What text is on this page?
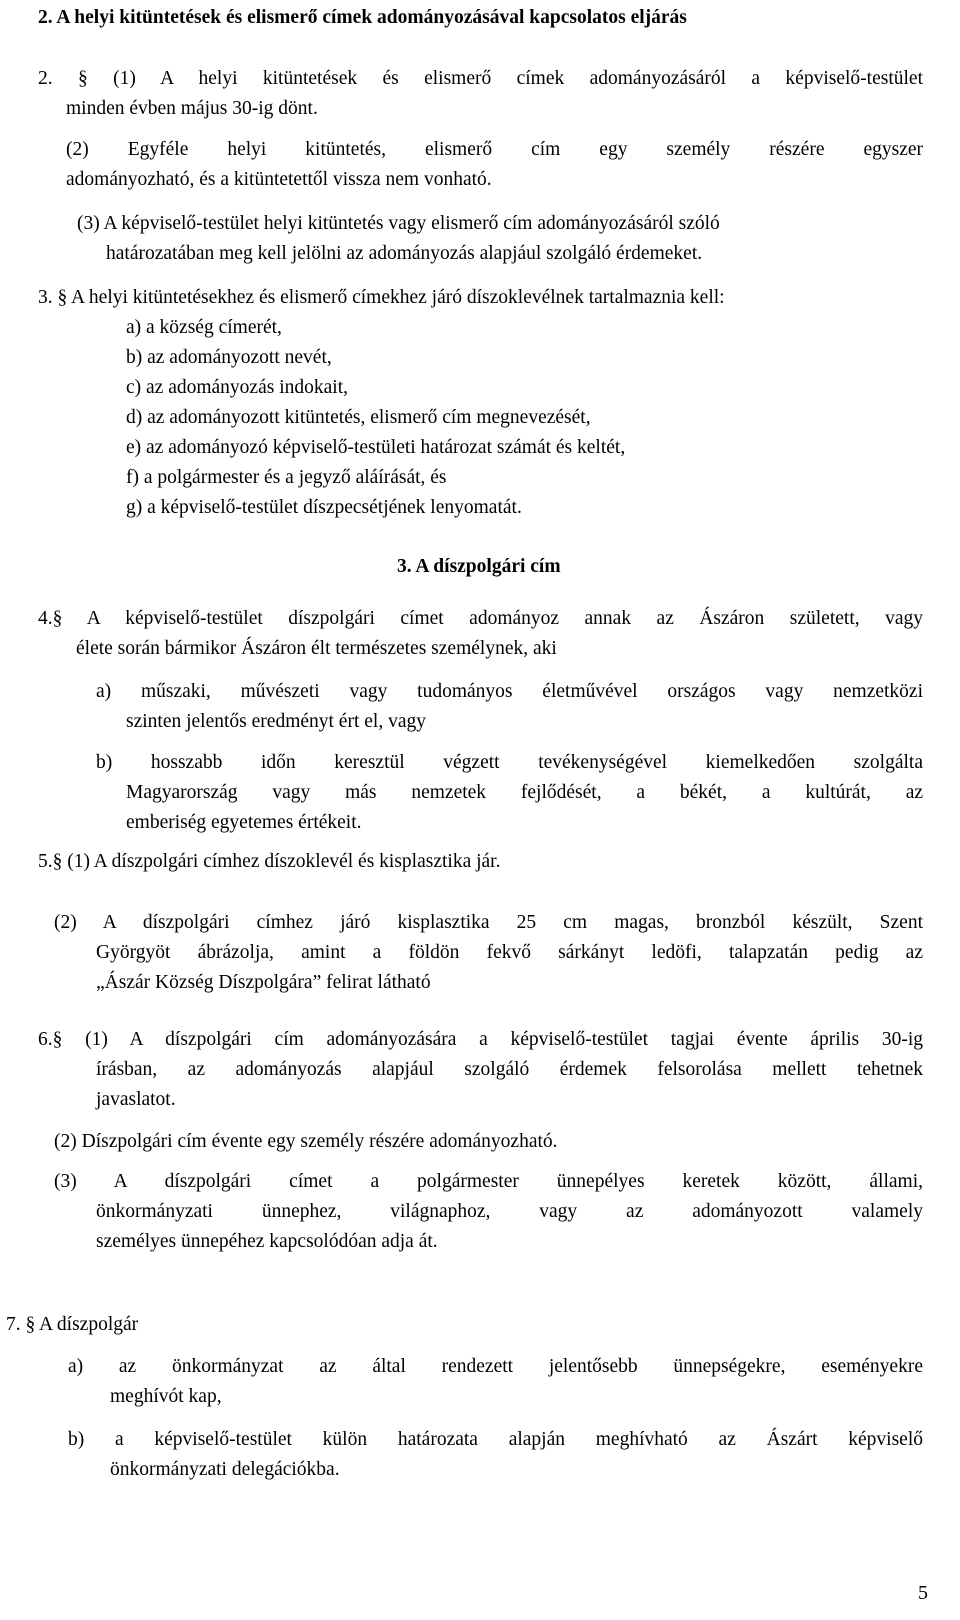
2. A helyi kitüntetések és elismerő címek adományozásával kapcsolatos eljárás
2. § (1) A helyi kitüntetések és elismerő címek adományozásáról a képviselő-testület
minden évben május 30-ig dönt.
(2) Egyféle helyi kitüntetés, elismerő cím egy személy részére egyszer
adományozható, és a kitüntetettől vissza nem vonható.
(3) A képviselő-testület helyi kitüntetés vagy elismerő cím adományozásáról szóló
határozatában meg kell jelölni az adományozás alapjául szolgáló érdemeket.
3. § A helyi kitüntetésekhez és elismerő címekhez járó díszoklevélnek tartalmaznia kell:
a) a község címerét,
b) az adományozott nevét,
c) az adományozás indokait,
d) az adományozott kitüntetés, elismerő cím megnevezését,
e) az adományozó képviselő-testületi határozat számát és keltét,
f) a polgármester és a jegyző aláírását, és
g) a képviselő-testület díszpecsétjének lenyomatát.
3. A díszpolgári cím
4.§ A képviselő-testület díszpolgári címet adományoz annak az Ászáron született, vagy
élete során bármikor Ászáron élt természetes személynek, aki
a) műszaki, művészeti vagy tudományos életművével országos vagy nemzetközi
szinten jelentős eredményt ért el, vagy
b) hosszabb időn keresztül végzett tevékenységével kiemelkedően szolgálta
Magyarország vagy más nemzetek fejlődését, a békét, a kultúrát, az
emberiség egyetemes értékeit.
5.§ (1) A díszpolgári címhez díszoklevél és kisplasztika jár.
(2) A díszpolgári címhez járó kisplasztika 25 cm magas, bronzból készült, Szent
Györgyöt ábrázolja, amint a földön fekvő sárkányt ledöfi, talapzatán pedig az
„Ászár Község Díszpolgára” felirat látható
6.§ (1) A díszpolgári cím adományozására a képviselő-testület tagjai évente április 30-ig
írásban, az adományozás alapjául szolgáló érdemek felsorolása mellett tehetnek
javaslatot.
(2) Díszpolgári cím évente egy személy részére adományozható.
(3) A díszpolgári címet a polgármester ünnepélyes keretek között, állami,
önkormányzati ünnephez, világnaphoz, vagy az adományozott valamely
személyes ünnepéhez kapcsolódóan adja át.
7. § A díszpolgár
a) az önkormányzat az által rendezett jelentősebb ünnepségekre, eseményekre
meghívót kap,
b) a képviselő-testület külön határozata alapján meghívható az Ászárt képviselő
önkormányzati delegációkba.
5
